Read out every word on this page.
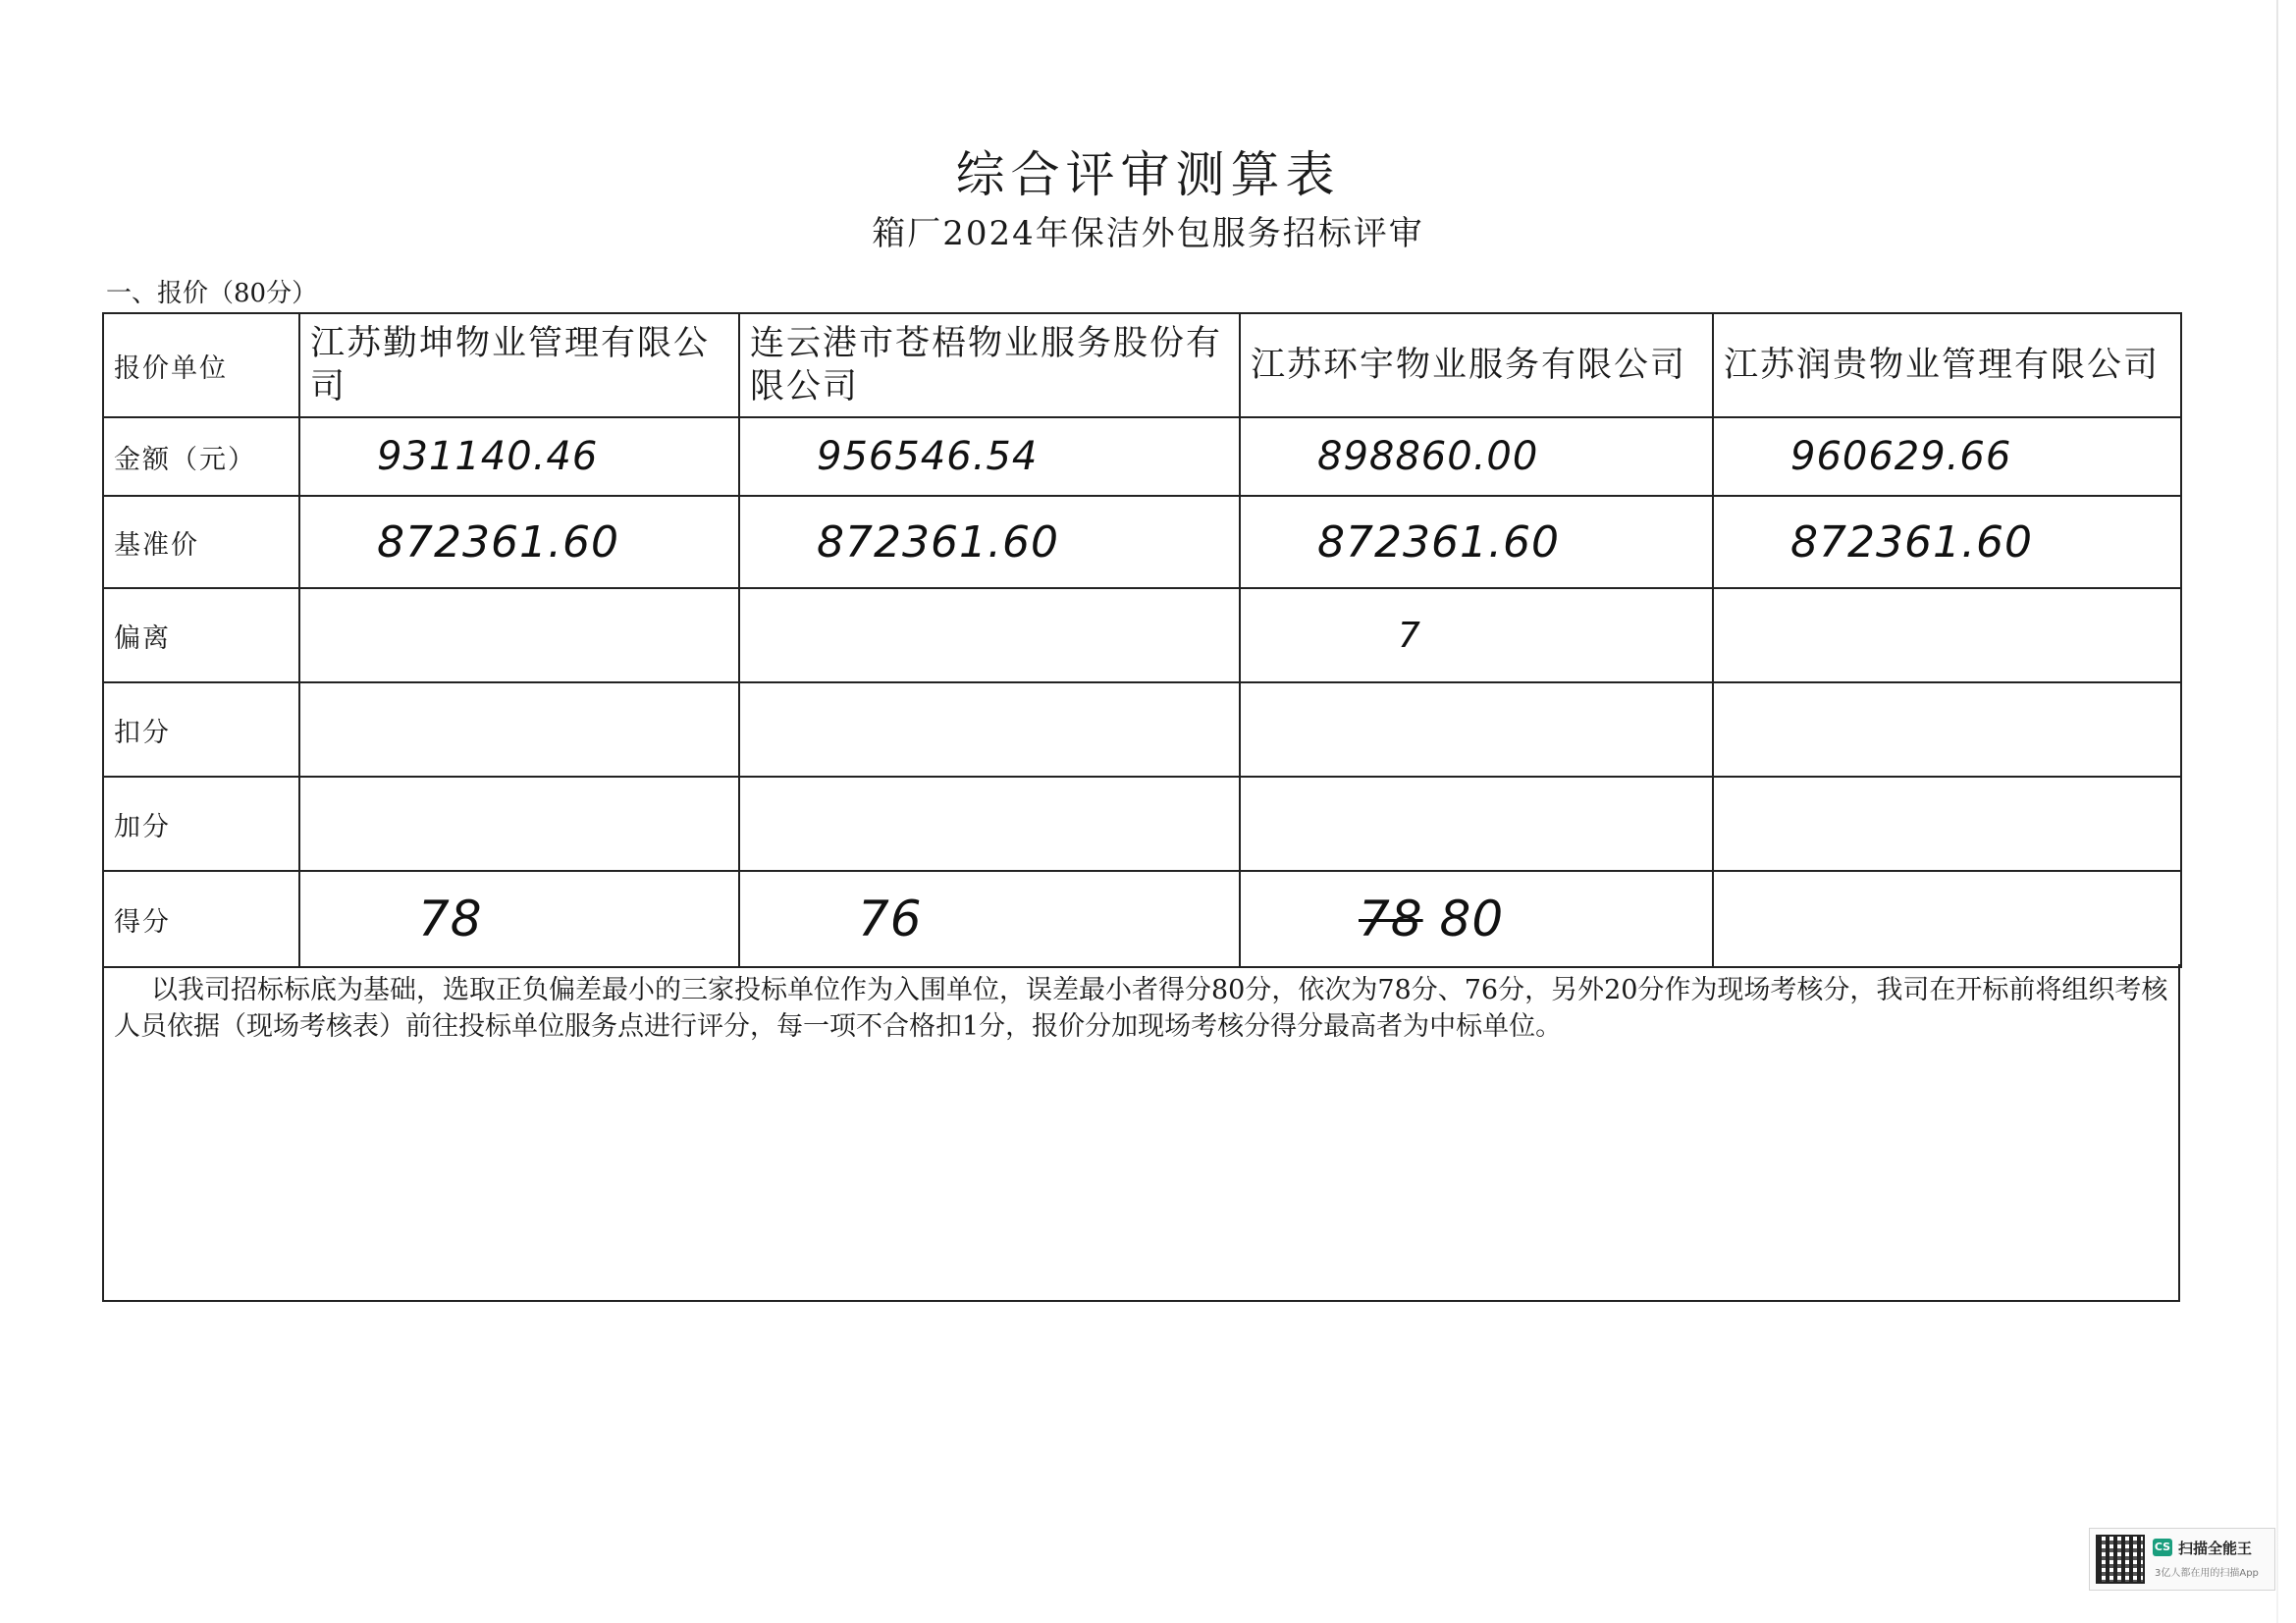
综合评审测算表
箱厂2024年保洁外包服务招标评审
一、报价（80分）
报价单位	江苏勤坤物业管理有限公司	连云港市苍梧物业服务股份有限公司	江苏环宇物业服务有限公司	江苏润贵物业管理有限公司
金额（元）	931140.46	956546.54	898860.00	960629.66
基准价	872361.60	872361.60	872361.60	872361.60
偏离			7	
扣分				
加分				
得分	78	76	78 80	

以我司招标标底为基础，选取正负偏差最小的三家投标单位作为入围单位，误差最小者得分80分，依次为78分、76分，另外20分作为现场考核分，我司在开标前将组织考核人员依据（现场考核表）前往投标单位服务点进行评分，每一项不合格扣1分，报价分加现场考核分得分最高者为中标单位。

CS 扫描全能王
3亿人都在用的扫描App
